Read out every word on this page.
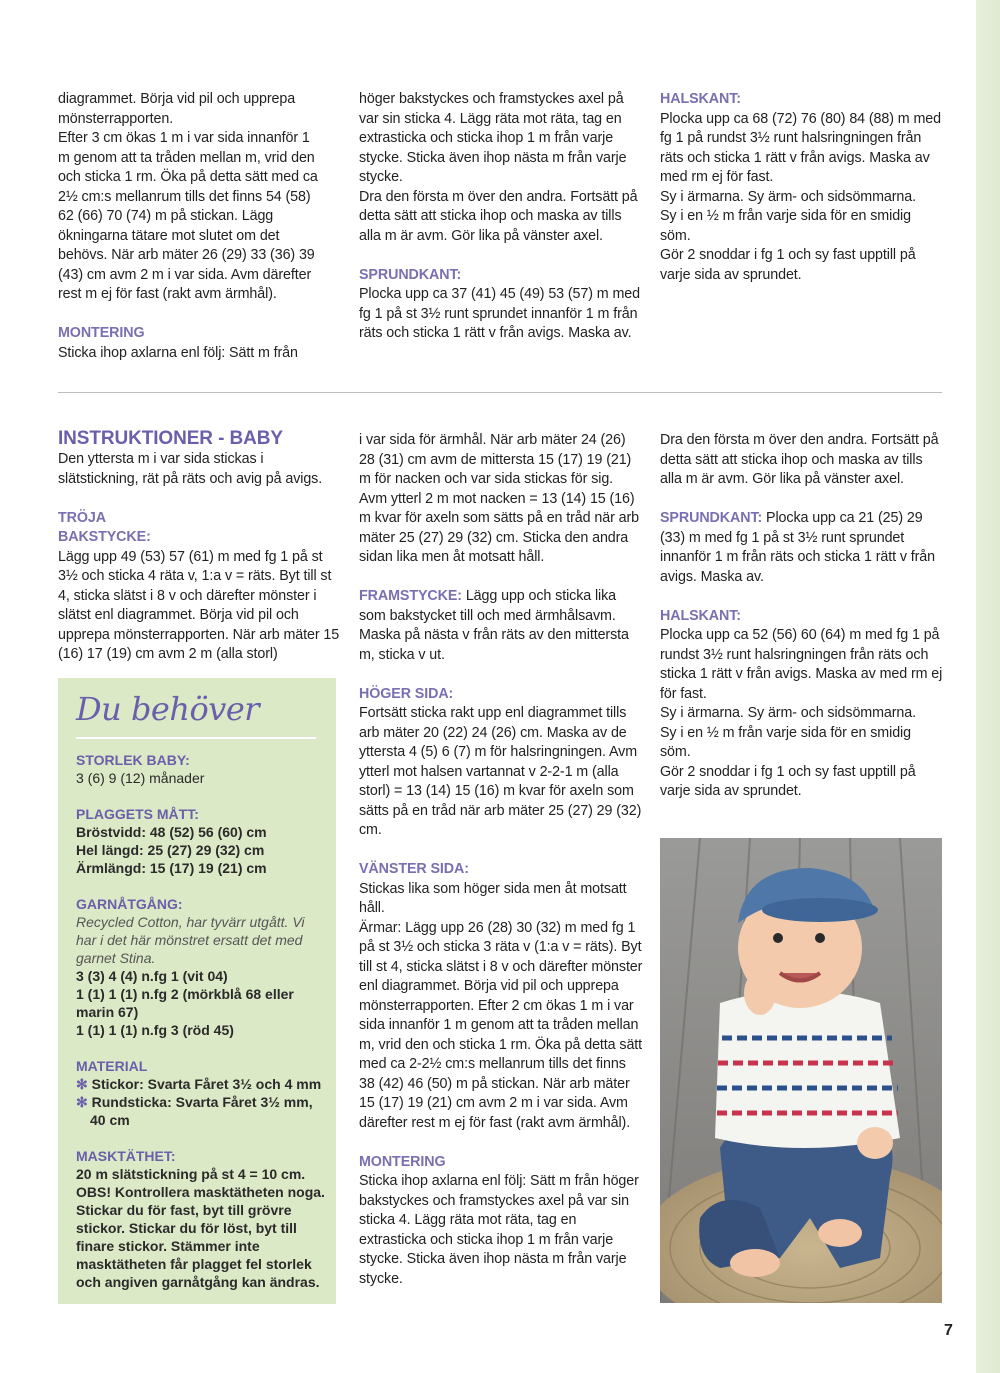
diagrammet. Börja vid pil och upprepa mönsterrapporten.

Efter 3 cm ökas 1 m i var sida innanför 1 m genom att ta tråden mellan m, vrid den och sticka 1 rm. Öka på detta sätt med ca 2½ cm:s mellanrum tills det finns 54 (58) 62 (66) 70 (74) m på stickan. Lägg ökningarna tätare mot slutet om det behövs. När arb mäter 26 (29) 33 (36) 39 (43) cm avm 2 m i var sida. Avm därefter rest m ej för fast (rakt avm ärmhål).

MONTERING

Sticka ihop axlarna enl följ: Sätt m från

höger bakstyckes och framstyckes axel på var sin sticka 4. Lägg räta mot räta, tag en extrasticka och sticka ihop 1 m från varje stycke. Sticka även ihop nästa m från varje stycke.

Dra den första m över den andra. Fortsätt på detta sätt att sticka ihop och maska av tills alla m är avm. Gör lika på vänster axel.

SPRUNDKANT:

Plocka upp ca 37 (41) 45 (49) 53 (57) m med fg 1 på st 3½ runt sprundet innanför 1 m från räts och sticka 1 rätt v från avigs. Maska av.

HALSKANT:

Plocka upp ca 68 (72) 76 (80) 84 (88) m med fg 1 på rundst 3½ runt halsringningen från räts och sticka 1 rätt v från avigs. Maska av med rm ej för fast.

Sy i ärmarna. Sy ärm- och sidsömmarna.

Sy i en ½ m från varje sida för en smidig söm.

Gör 2 snoddar i fg 1 och sy fast upptill på varje sida av sprundet.

INSTRUKTIONER - BABY

Den yttersta m i var sida stickas i slätstickning, rät på räts och avig på avigs.

TRÖJA

BAKSTYCKE:

Lägg upp 49 (53) 57 (61) m med fg 1 på st 3½ och sticka 4 räta v, 1:a v = räts. Byt till st 4, sticka slätst i 8 v och därefter mönster i slätst enl diagrammet. Börja vid pil och upprepa mönsterrapporten. När arb mäter 15 (16) 17 (19) cm avm 2 m (alla storl)

i var sida för ärmhål. När arb mäter 24 (26) 28 (31) cm avm de mittersta 15 (17) 19 (21) m för nacken och var sida stickas för sig. Avm ytterl 2 m mot nacken = 13 (14) 15 (16) m kvar för axeln som sätts på en tråd när arb mäter 25 (27) 29 (32) cm. Sticka den andra sidan lika men åt motsatt håll.

FRAMSTYCKE: Lägg upp och sticka lika som bakstycket till och med ärmhålsavm. Maska på nästa v från räts av den mittersta m, sticka v ut.

HÖGER SIDA:

Fortsätt sticka rakt upp enl diagrammet tills arb mäter 20 (22) 24 (26) cm. Maska av de yttersta 4 (5) 6 (7) m för halsringningen. Avm ytterl mot halsen vartannat v 2-2-1 m (alla storl) = 13 (14) 15 (16) m kvar för axeln som sätts på en tråd när arb mäter 25 (27) 29 (32) cm.

VÄNSTER SIDA:

Stickas lika som höger sida men åt motsatt håll.

Ärmar: Lägg upp 26 (28) 30 (32) m med fg 1 på st 3½ och sticka 3 räta v (1:a v = räts). Byt till st 4, sticka slätst i 8 v och därefter mönster enl diagrammet. Börja vid pil och upprepa mönsterrapporten. Efter 2 cm ökas 1 m i var sida innanför 1 m genom att ta tråden mellan m, vrid den och sticka 1 rm. Öka på detta sätt med ca 2-2½ cm:s mellanrum tills det finns 38 (42) 46 (50) m på stickan. När arb mäter 15 (17) 19 (21) cm avm 2 m i var sida. Avm därefter rest m ej för fast (rakt avm ärmhål).

MONTERING

Sticka ihop axlarna enl följ: Sätt m från höger bakstyckes och framstyckes axel på var sin sticka 4. Lägg räta mot räta, tag en extrasticka och sticka ihop 1 m från varje stycke. Sticka även ihop nästa m från varje stycke.

Dra den första m över den andra. Fortsätt på detta sätt att sticka ihop och maska av tills alla m är avm. Gör lika på vänster axel.

SPRUNDKANT: Plocka upp ca 21 (25) 29 (33) m med fg 1 på st 3½ runt sprundet innanför 1 m från räts och sticka 1 rätt v från avigs. Maska av.

HALSKANT:

Plocka upp ca 52 (56) 60 (64) m med fg 1 på rundst 3½ runt halsringningen från räts och sticka 1 rätt v från avigs. Maska av med rm ej för fast.

Sy i ärmarna. Sy ärm- och sidsömmarna.

Sy i en ½ m från varje sida för en smidig söm.

Gör 2 snoddar i fg 1 och sy fast upptill på varje sida av sprundet.

Du behöver

STORLEK BABY:

3 (6) 9 (12) månader

PLAGGETS MÅTT:

Bröstvidd: 48 (52) 56 (60) cm

Hel längd: 25 (27) 29 (32) cm

Ärmlängd: 15 (17) 19 (21) cm

GARNÅTGÅNG:

Recycled Cotton, har tyvärr utgått. Vi har i det här mönstret ersatt det med garnet Stina.

3 (3) 4 (4) n.fg 1 (vit 04)

1 (1) 1 (1) n.fg 2 (mörkblå 68 eller marin 67)

1 (1) 1 (1) n.fg 3 (röd 45)

MATERIAL

✻ Stickor: Svarta Fåret 3½ och 4 mm

✻ Rundsticka: Svarta Fåret 3½ mm, 40 cm

MASKTÄTHET:

20 m slätstickning på st 4 = 10 cm. OBS! Kontrollera masktätheten noga. Stickar du för fast, byt till grövre stickor. Stickar du för löst, byt till finare stickor. Stämmer inte masktätheten får plagget fel storlek och angiven garnåtgång kan ändras.

7
